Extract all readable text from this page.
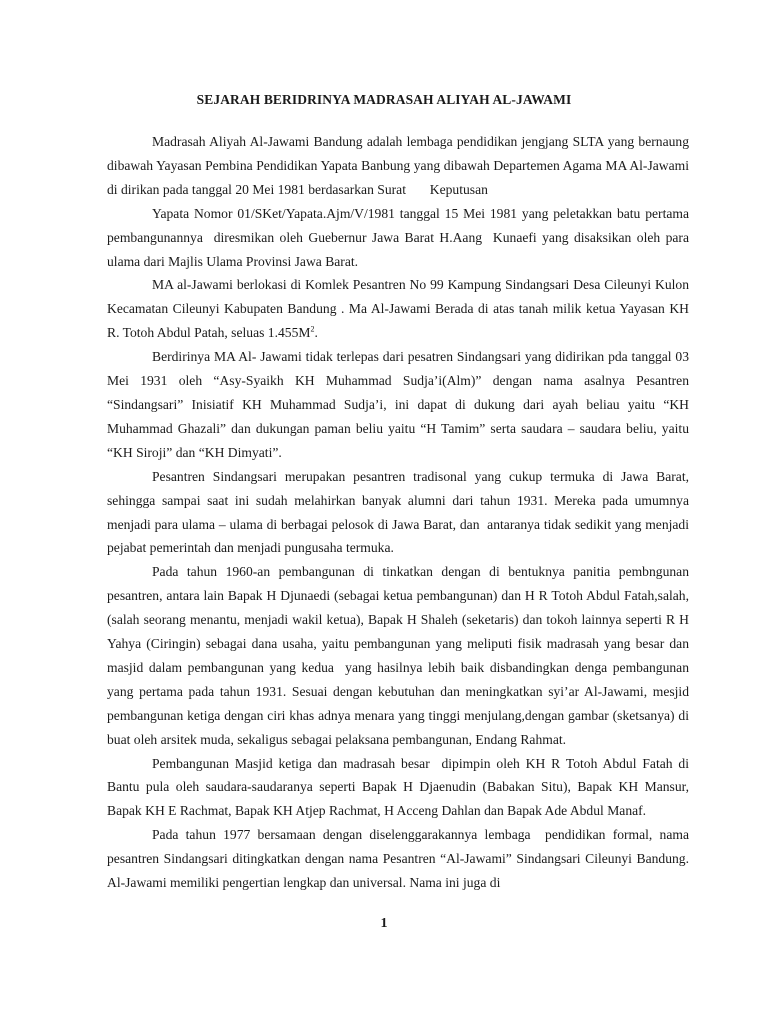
SEJARAH BERIDRINYA MADRASAH ALIYAH AL-JAWAMI

Madrasah Aliyah Al-Jawami Bandung adalah lembaga pendidikan jengjang SLTA yang bernaung dibawah Yayasan Pembina Pendidikan Yapata Banbung yang dibawah Departemen Agama MA Al-Jawami di dirikan pada tanggal 20 Mei 1981 berdasarkan Surat       Keputusan

Yapata Nomor 01/SKet/Yapata.Ajm/V/1981 tanggal 15 Mei 1981 yang peletakkan batu pertama pembangunannya  diresmikan oleh Guebernur Jawa Barat H.Aang  Kunaefi yang disaksikan oleh para ulama dari Majlis Ulama Provinsi Jawa Barat.

MA al-Jawami berlokasi di Komlek Pesantren No 99 Kampung Sindangsari Desa Cileunyi Kulon Kecamatan Cileunyi Kabupaten Bandung . Ma Al-Jawami Berada di atas tanah milik ketua Yayasan KH R. Totoh Abdul Patah, seluas $1.455M^2$.

Berdirinya MA Al- Jawami tidak terlepas dari pesatren Sindangsari yang didirikan pda tanggal 03 Mei 1931 oleh “Asy-Syaikh KH Muhammad Sudja’i(Alm)” dengan nama asalnya Pesantren “Sindangsari” Inisiatif KH Muhammad Sudja’i, ini dapat di dukung dari ayah beliau yaitu “KH Muhammad Ghazali” dan dukungan paman beliu yaitu “H Tamim” serta saudara – saudara beliu, yaitu “KH Siroji” dan “KH Dimyati”.

Pesantren Sindangsari merupakan pesantren tradisonal yang cukup termuka di Jawa Barat, sehingga sampai saat ini sudah melahirkan banyak alumni dari tahun 1931. Mereka pada umumnya menjadi para ulama – ulama di berbagai pelosok di Jawa Barat, dan  antaranya tidak sedikit yang menjadi pejabat pemerintah dan menjadi pungusaha termuka.

Pada tahun 1960-an pembangunan di tinkatkan dengan di bentuknya panitia pembngunan pesantren, antara lain Bapak H Djunaedi (sebagai ketua pembangunan) dan H R Totoh Abdul Fatah,salah, (salah seorang menantu, menjadi wakil ketua), Bapak H Shaleh (seketaris) dan tokoh lainnya seperti R H Yahya (Ciringin) sebagai dana usaha, yaitu pembangunan yang meliputi fisik madrasah yang besar dan masjid dalam pembangunan yang kedua  yang hasilnya lebih baik disbandingkan denga pembangunan yang pertama pada tahun 1931. Sesuai dengan kebutuhan dan meningkatkan syi’ar Al-Jawami, mesjid pembangunan ketiga dengan ciri khas adnya menara yang tinggi menjulang,dengan gambar (sketsanya) di buat oleh arsitek muda, sekaligus sebagai pelaksana pembangunan, Endang Rahmat.

Pembangunan Masjid ketiga dan madrasah besar  dipimpin oleh KH R Totoh Abdul Fatah di Bantu pula oleh saudara-saudaranya seperti Bapak H Djaenudin (Babakan Situ), Bapak KH Mansur, Bapak KH E Rachmat, Bapak KH Atjep Rachmat, H Acceng Dahlan dan Bapak Ade Abdul Manaf.

Pada tahun 1977 bersamaan dengan diselenggarakannya lembaga  pendidikan formal, nama pesantren Sindangsari ditingkatkan dengan nama Pesantren “Al-Jawami” Sindangsari Cileunyi Bandung. Al-Jawami memiliki pengertian lengkap dan universal. Nama ini juga di

1
